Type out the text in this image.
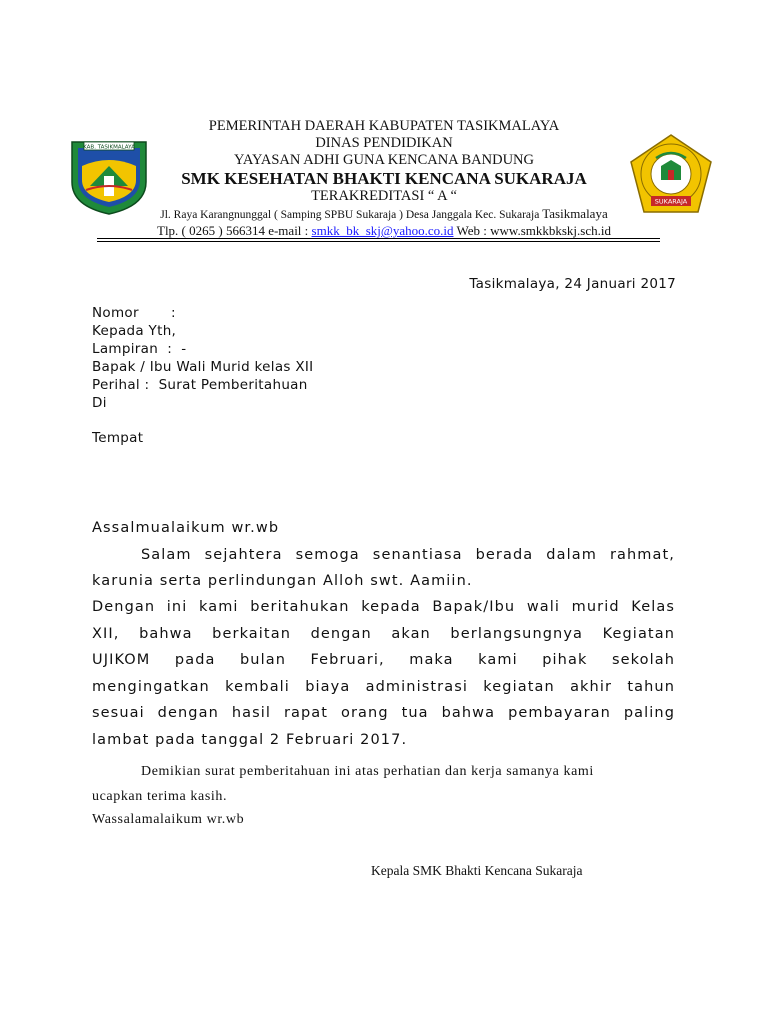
KAB. TASIKMALAYA
SUKARAJA
PEMERINTAH DAERAH KABUPATEN TASIKMALAYA
DINAS PENDIDIKAN
YAYASAN ADHI GUNA KENCANA BANDUNG
SMK KESEHATAN BHAKTI KENCANA SUKARAJA
TERAKREDITASI “ A “
Jl. Raya Karangnunggal ( Samping SPBU Sukaraja ) Desa Janggala Kec. Sukaraja Tasikmalaya
Tlp. ( 0265 ) 566314 e-mail : smkk_bk_skj@yahoo.co.id Web : www.smkkbkskj.sch.id
Tasikmalaya, 24 Januari 2017
Nomor       :
Kepada Yth,
Lampiran  :  -
Bapak / Ibu Wali Murid kelas XII
Perihal :  Surat Pemberitahuan
Di
Tempat
Assalmualaikum wr.wb
Salam sejahtera semoga senantiasa berada dalam rahmat,
karunia serta perlindungan Alloh swt. Aamiin.
Dengan ini kami beritahukan kepada Bapak/Ibu wali murid Kelas
XII, bahwa berkaitan dengan akan berlangsungnya Kegiatan
UJIKOM pada bulan Februari, maka kami pihak sekolah
mengingatkan kembali biaya administrasi kegiatan akhir tahun
sesuai dengan hasil rapat orang tua bahwa pembayaran paling
lambat pada tanggal 2 Februari 2017.
Demikian surat pemberitahuan ini atas perhatian dan kerja samanya kami
ucapkan terima kasih.
Wassalamalaikum wr.wb
Kepala SMK Bhakti Kencana Sukaraja
